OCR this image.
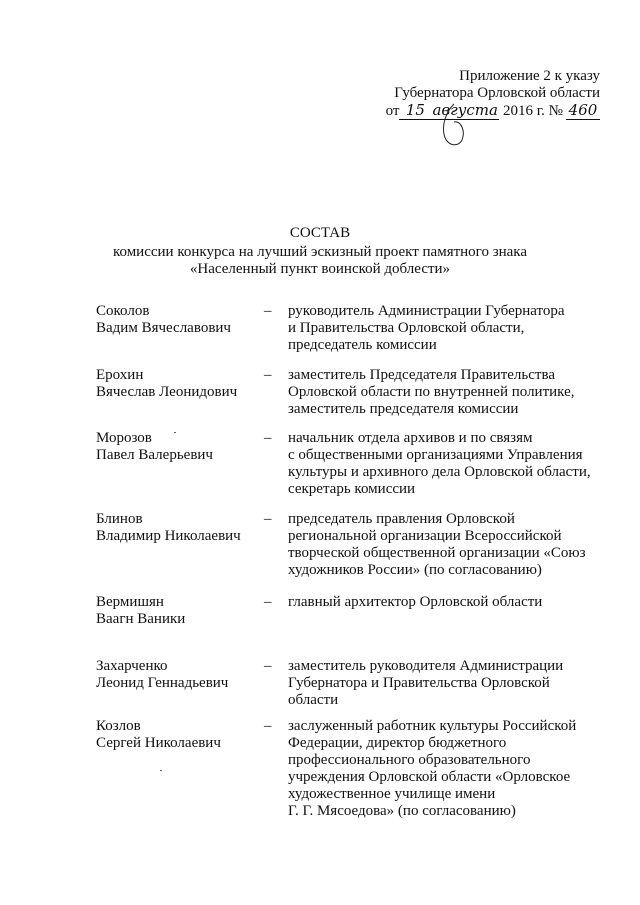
Приложение 2 к указу
Губернатора Орловской области
от 15 августа 2016 г. № 460
СОСТАВ
комиссии конкурса на лучший эскизный проект памятного знака
«Населенный пункт воинской доблести»
Соколов
Вадим Вячеславович
– руководитель Администрации Губернатора
и Правительства Орловской области,
председатель комиссии
Ерохин
Вячеслав Леонидович
– заместитель Председателя Правительства
Орловской области по внутренней политике,
заместитель председателя комиссии
Морозов
Павел Валерьевич
– начальник отдела архивов и по связям
с общественными организациями Управления
культуры и архивного дела Орловской области,
секретарь комиссии
Блинов
Владимир Николаевич
– председатель правления Орловской
региональной организации Всероссийской
творческой общественной организации «Союз
художников России» (по согласованию)
Вермишян
Ваагн Ваники
– главный архитектор Орловской области
Захарченко
Леонид Геннадьевич
– заместитель руководителя Администрации
Губернатора и Правительства Орловской
области
Козлов
Сергей Николаевич
– заслуженный работник культуры Российской
Федерации, директор бюджетного
профессионального образовательного
учреждения Орловской области «Орловское
художественное училище имени
Г. Г. Мясоедова» (по согласованию)
